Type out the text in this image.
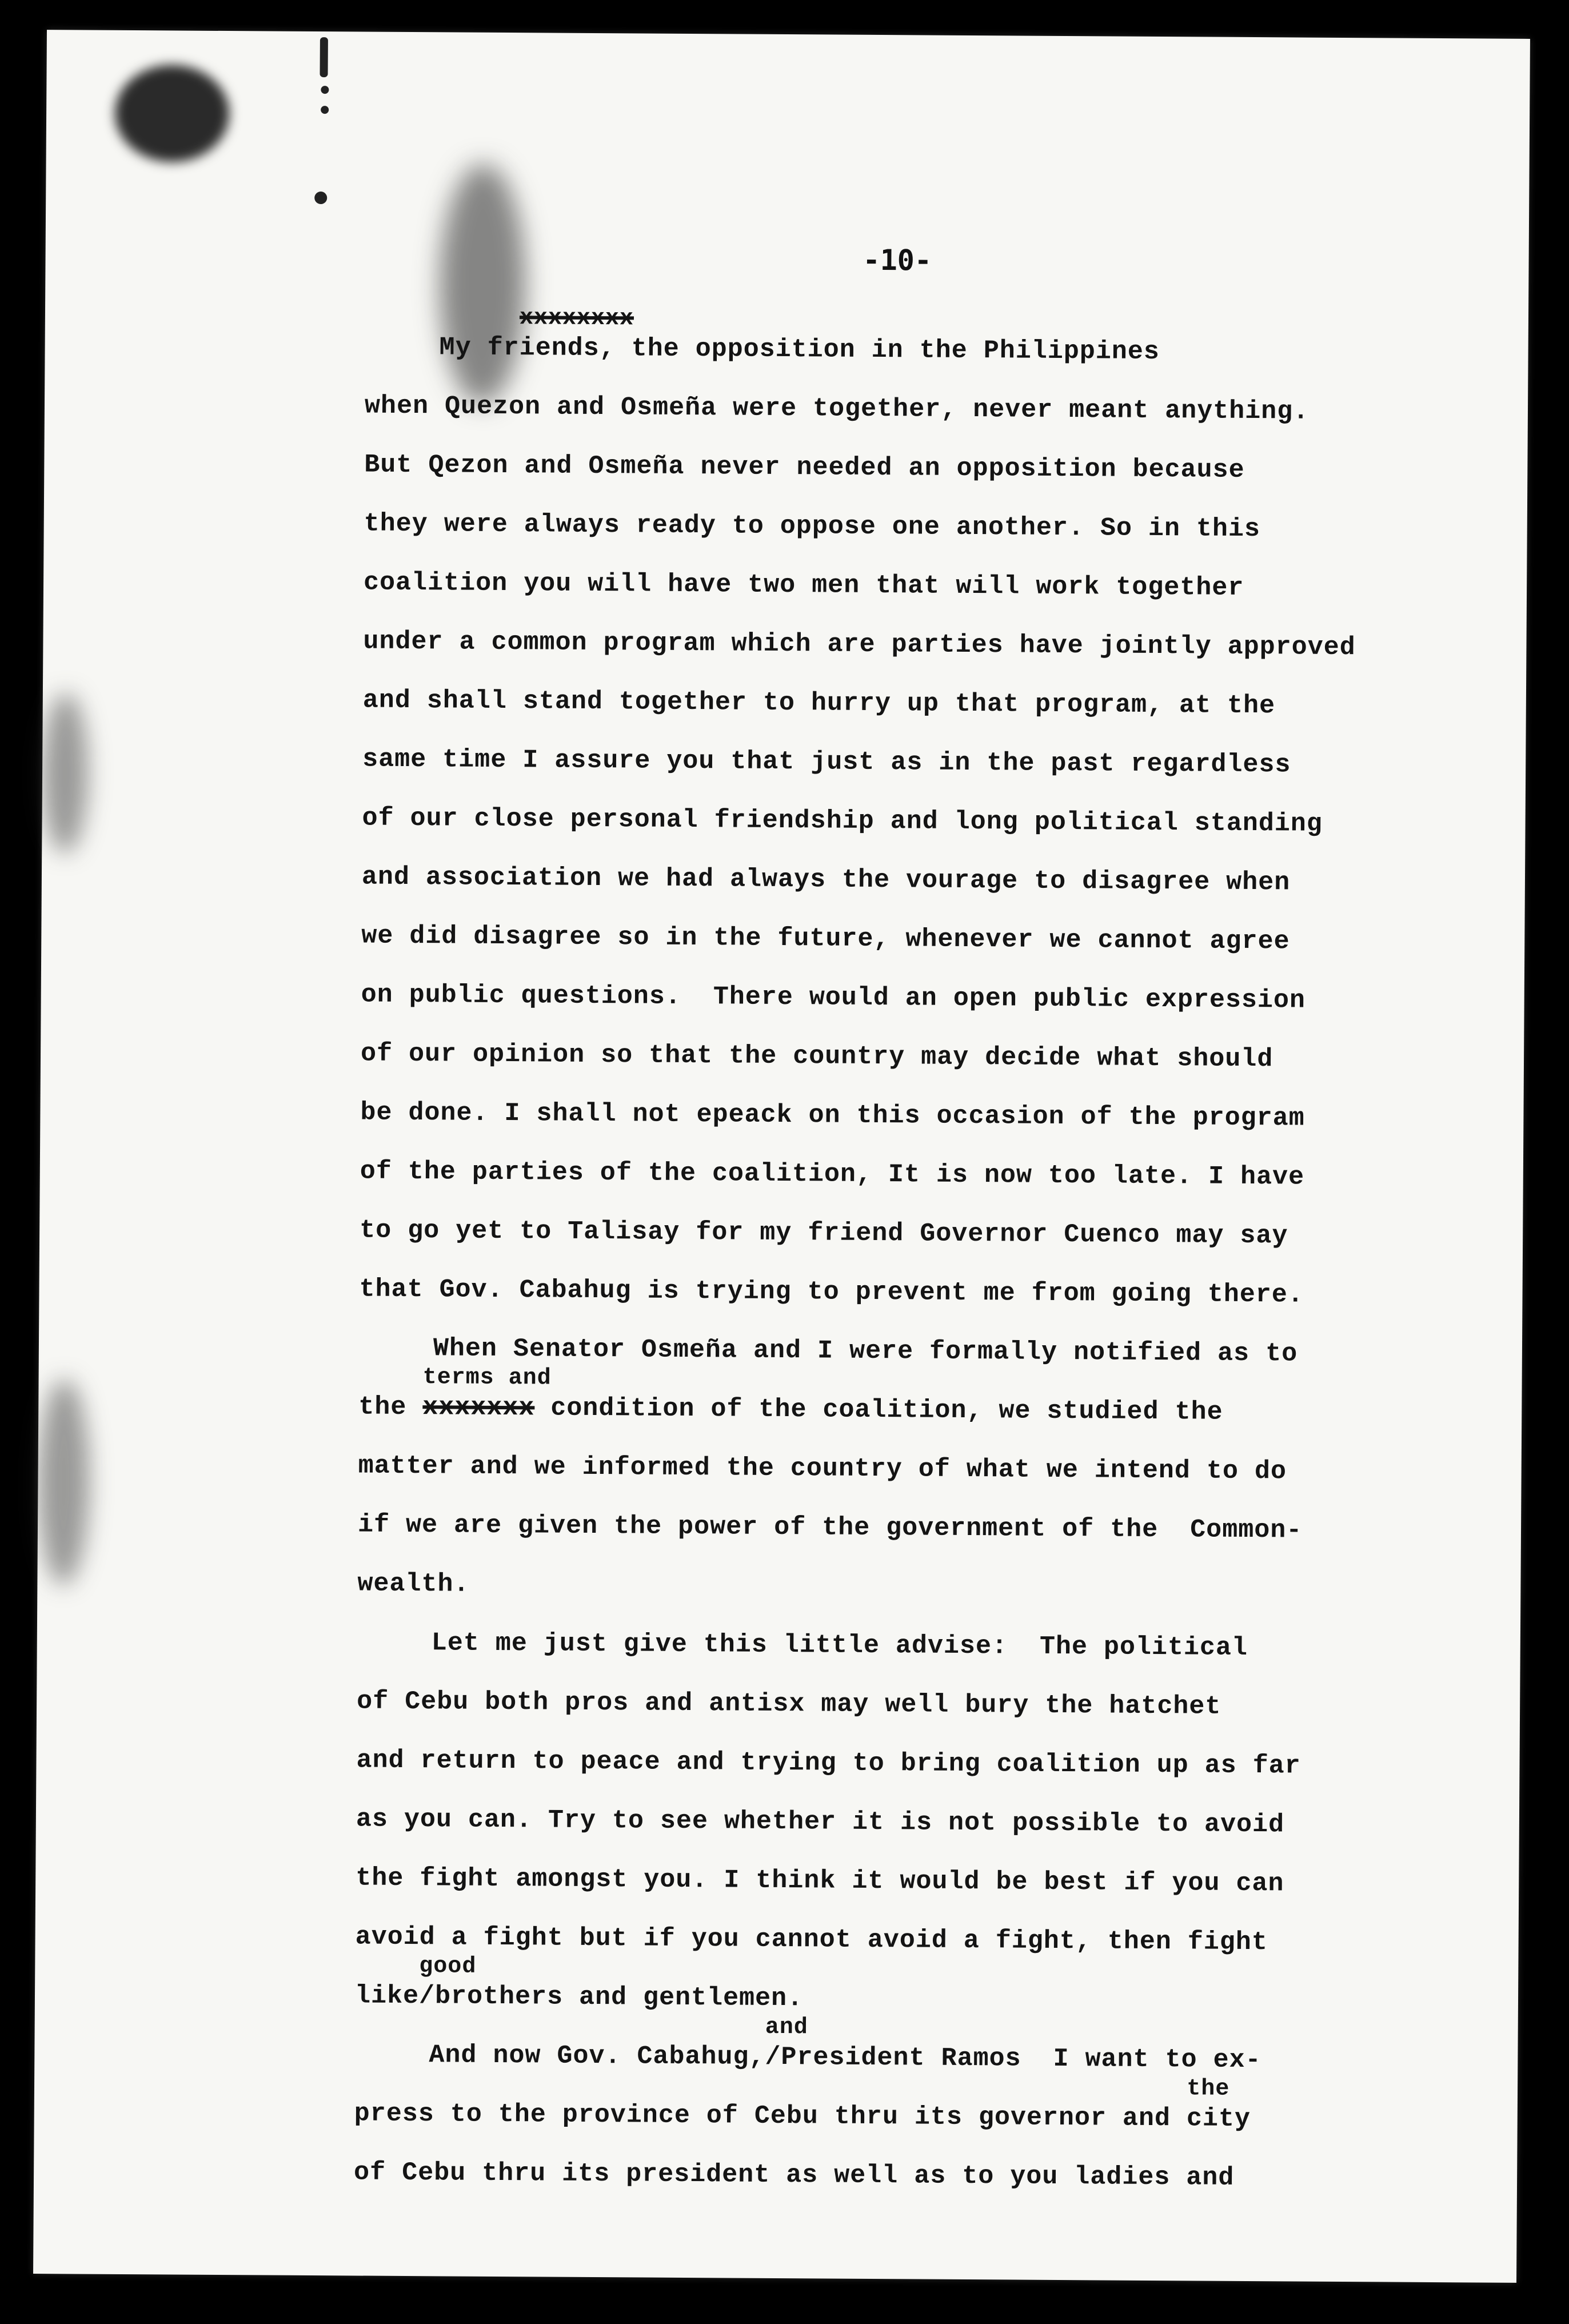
-10-
xxxxxxxx
My friends, the opposition in the Philippines
when Quezon and Osmeña were together, never meant anything.
But Qezon and Osmeña never needed an opposition because
they were always ready to oppose one another. So in this
coalition you will have two men that will work together
under a common program which are parties have jointly approved
and shall stand together to hurry up that program, at the
same time I assure you that just as in the past regardless
of our close personal friendship and long political standing
and association we had always the vourage to disagree when
we did disagree so in the future, whenever we cannot agree
on public questions.  There would an open public expression
of our opinion so that the country may decide what should
be done. I shall not epeack on this occasion of the program
of the parties of the coalition, It is now too late. I have
to go yet to Talisay for my friend Governor Cuenco may say
that Gov. Cabahug is trying to prevent me from going there.
When Senator Osmeña and I were formally notified as to
the
terms and
xxxxxxx condition of the coalition, we studied the
matter and we informed the country of what we intend to do
if we are given the power of the government of the  Common-
wealth.
Let me just give this little advise:  The political
of Cebu both pros and antisx may well bury the hatchet
and return to peace and trying to bring coalition up as far
as you can. Try to see whether it is not possible to avoid
the fight amongst you. I think it would be best if you can
avoid a fight but if you cannot avoid a fight, then fight
like
good
/brothers and gentlemen.
And now Gov. Cabahug,
and
/President Ramos  I want to ex-
press to the province of Cebu thru its governor and
the
city
of Cebu thru its president as well as to you ladies and
